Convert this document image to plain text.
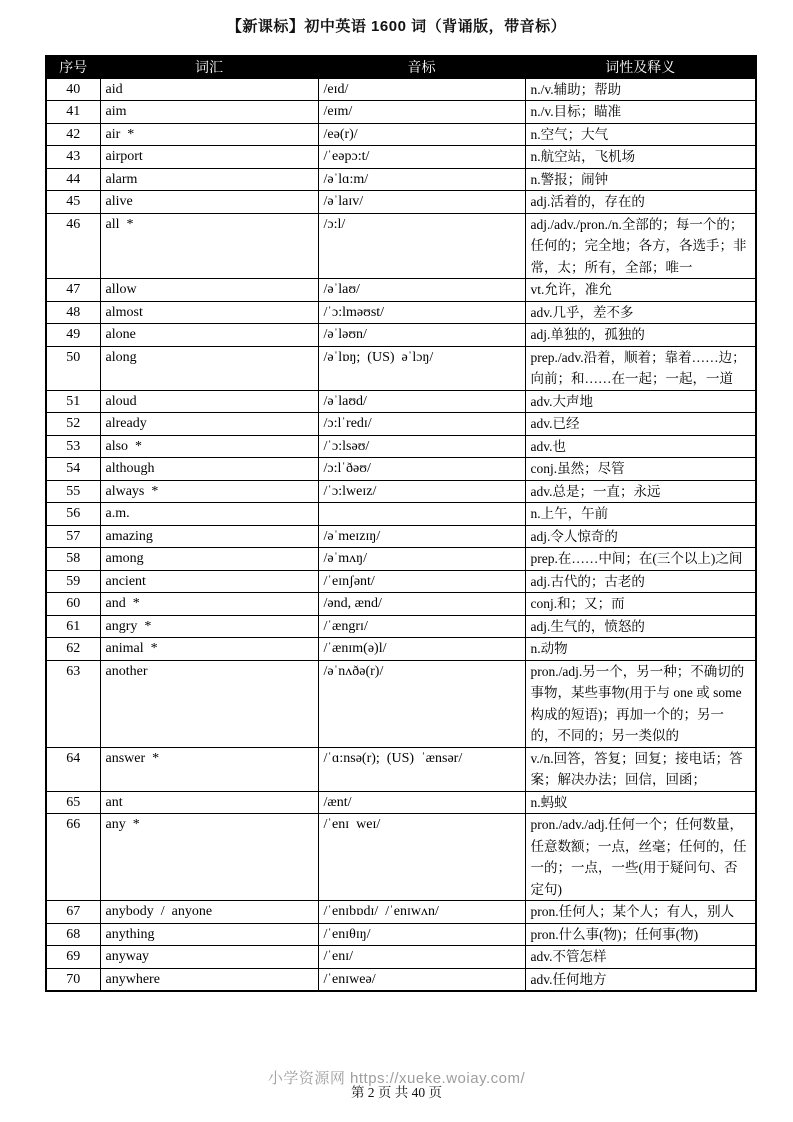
【新课标】初中英语 1600 词（背诵版，带音标）
序号	词汇	音标	词性及释义
40	aid	/eɪd/	n./v.辅助；帮助
41	aim	/eɪm/	n./v.目标；瞄准
42	air  *	/eə(r)/	n.空气；大气
43	airport	/ˈeəpɔ:t/	n.航空站，飞机场
44	alarm	/əˈlɑ:m/	n.警报；闹钟
45	alive	/əˈlaɪv/	adj.活着的，存在的
46	all  *	/ɔ:l/	adj./adv./pron./n.全部的；每一个的；任何的；完全地；各方，各选手；非常，太；所有，全部；唯一
47	allow	/əˈlaʊ/	vt.允许，准允
48	almost	/ˈɔ:lməʊst/	adv.几乎，差不多
49	alone	/əˈləʊn/	adj.单独的，孤独的
50	along	/əˈlɒŋ;  (US)  əˈlɔŋ/	prep./adv.沿着，顺着；靠着……边；向前；和……在一起；一起，一道
51	aloud	/əˈlaʊd/	adv.大声地
52	already	/ɔ:lˈredɪ/	adv.已经
53	also  *	/ˈɔ:lsəʊ/	adv.也
54	although	/ɔ:lˈðəʊ/	conj.虽然；尽管
55	always  *	/ˈɔ:lweɪz/	adv.总是；一直；永远
56	a.m.		n.上午，午前
57	amazing	/əˈmeɪzɪŋ/	adj.令人惊奇的
58	among	/əˈmʌŋ/	prep.在……中间；在(三个以上)之间
59	ancient	/ˈeɪnʃənt/	adj.古代的；古老的
60	and  *	/ənd, ænd/	conj.和；又；而
61	angry  *	/ˈængrɪ/	adj.生气的，愤怒的
62	animal  *	/ˈænɪm(ə)l/	n.动物
63	another	/əˈnʌðə(r)/	pron./adj.另一个，另一种；不确切的事物，某些事物(用于与 one 或 some 构成的短语)；再加一个的；另一的，不同的；另一类似的
64	answer  *	/ˈɑ:nsə(r);  (US)  ˈænsər/	v./n.回答，答复；回复；接电话；答案；解决办法；回信，回函；
65	ant	/ænt/	n.蚂蚁
66	any  *	/ˈenɪ  weɪ/	pron./adv./adj.任何一个；任何数量，任意数额；一点，丝毫；任何的，任一的；一点，一些(用于疑问句、否定句)
67	anybody  /  anyone	/ˈenɪbɒdɪ/  /ˈenɪwʌn/	pron.任何人；某个人；有人，别人
68	anything	/ˈenɪθɪŋ/	pron.什么事(物)；任何事(物)
69	anyway	/ˈenɪ/	adv.不管怎样
70	anywhere	/ˈenɪweə/	adv.任何地方
小学资源网 https://xueke.woiay.com/
第 2 页 共 40 页
